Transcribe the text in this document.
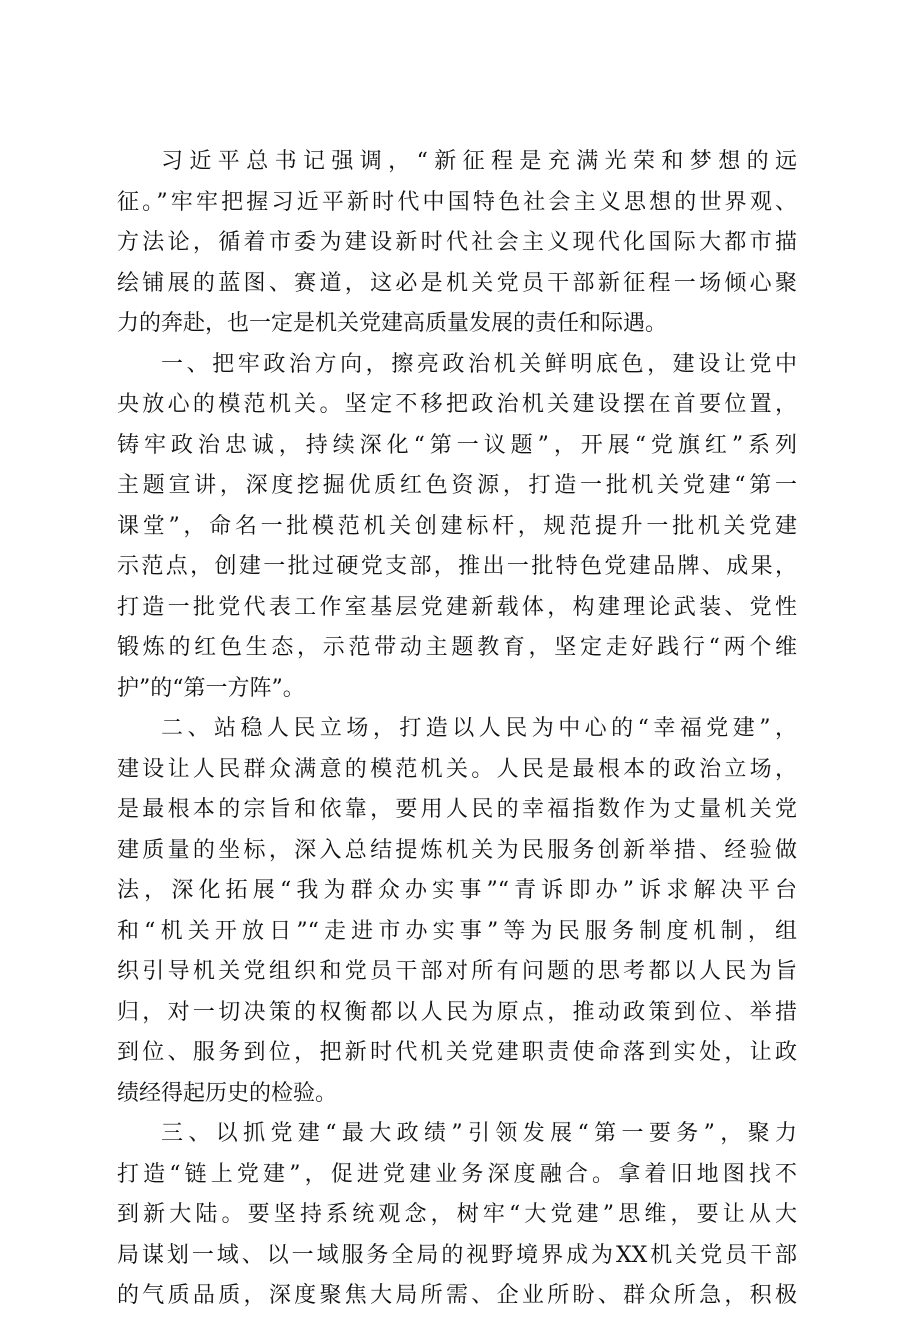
习近平总书记强调，“新征程是充满光荣和梦想的远
征。”牢牢把握习近平新时代中国特色社会主义思想的世界观、
方法论，循着市委为建设新时代社会主义现代化国际大都市描
绘铺展的蓝图、赛道，这必是机关党员干部新征程一场倾心聚
力的奔赴，也一定是机关党建高质量发展的责任和际遇。
一、把牢政治方向，擦亮政治机关鲜明底色，建设让党中
央放心的模范机关。坚定不移把政治机关建设摆在首要位置，
铸牢政治忠诚，持续深化“第一议题”，开展“党旗红”系列
主题宣讲，深度挖掘优质红色资源，打造一批机关党建“第一
课堂”，命名一批模范机关创建标杆，规范提升一批机关党建
示范点，创建一批过硬党支部，推出一批特色党建品牌、成果，
打造一批党代表工作室基层党建新载体，构建理论武装、党性
锻炼的红色生态，示范带动主题教育，坚定走好践行“两个维
护”的“第一方阵”。
二、站稳人民立场，打造以人民为中心的“幸福党建”，
建设让人民群众满意的模范机关。人民是最根本的政治立场，
是最根本的宗旨和依靠，要用人民的幸福指数作为丈量机关党
建质量的坐标，深入总结提炼机关为民服务创新举措、经验做
法，深化拓展“我为群众办实事”“青诉即办”诉求解决平台
和“机关开放日”“走进市办实事”等为民服务制度机制，组
织引导机关党组织和党员干部对所有问题的思考都以人民为旨
归，对一切决策的权衡都以人民为原点，推动政策到位、举措
到位、服务到位，把新时代机关党建职责使命落到实处，让政
绩经得起历史的检验。
三、以抓党建“最大政绩”引领发展“第一要务”，聚力
打造“链上党建”，促进党建业务深度融合。拿着旧地图找不
到新大陆。要坚持系统观念，树牢“大党建”思维，要让从大
局谋划一域、以一域服务全局的视野境界成为XX机关党员干部
的气质品质，深度聚焦大局所需、企业所盼、群众所急，积极
